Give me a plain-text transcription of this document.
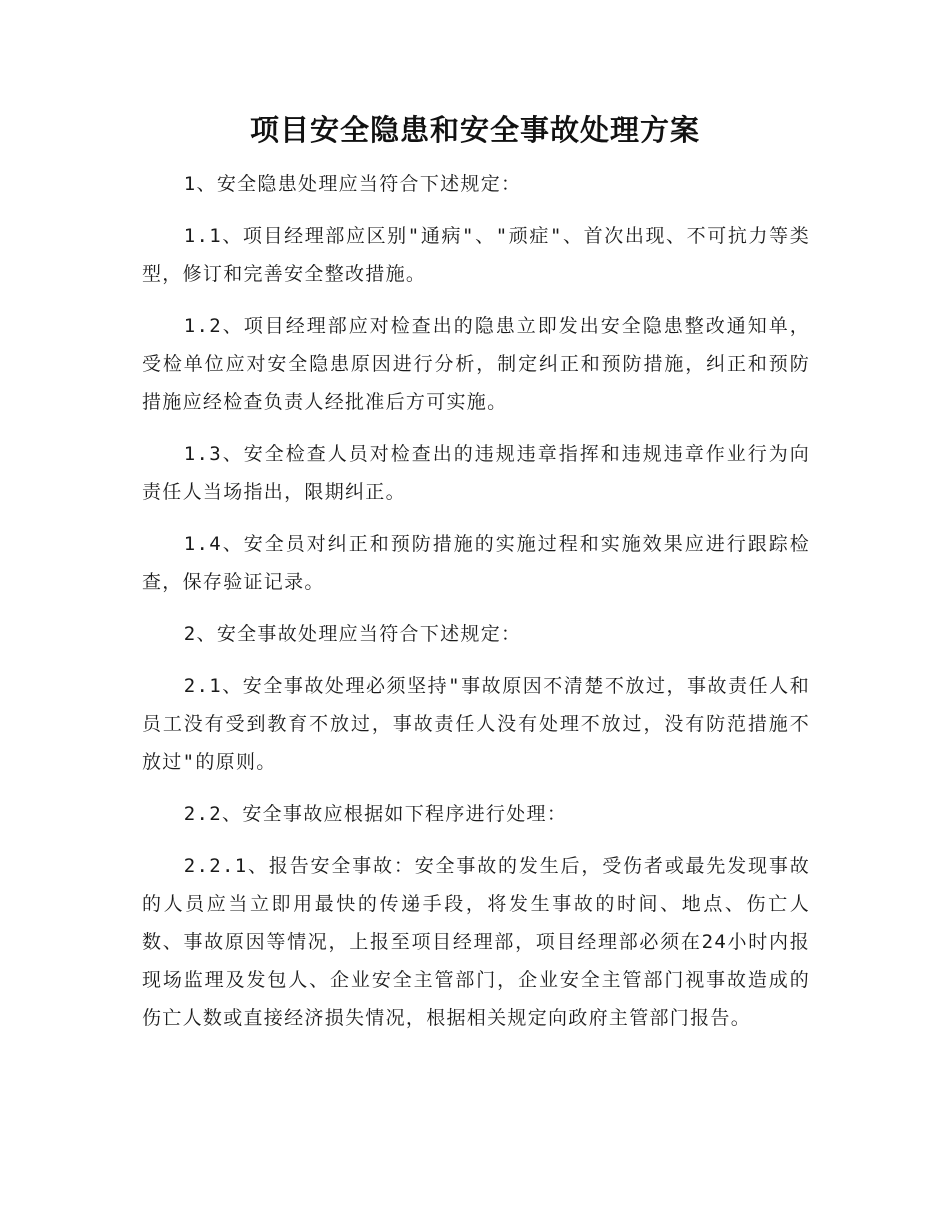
项目安全隐患和安全事故处理方案

1、安全隐患处理应当符合下述规定：

1.1、项目经理部应区别"通病"、"顽症"、首次出现、不可抗力等类型，修订和完善安全整改措施。

1.2、项目经理部应对检查出的隐患立即发出安全隐患整改通知单，受检单位应对安全隐患原因进行分析，制定纠正和预防措施，纠正和预防措施应经检查负责人经批准后方可实施。

1.3、安全检查人员对检查出的违规违章指挥和违规违章作业行为向责任人当场指出，限期纠正。

1.4、安全员对纠正和预防措施的实施过程和实施效果应进行跟踪检查，保存验证记录。

2、安全事故处理应当符合下述规定：

2.1、安全事故处理必须坚持"事故原因不清楚不放过，事故责任人和员工没有受到教育不放过，事故责任人没有处理不放过，没有防范措施不放过"的原则。

2.2、安全事故应根据如下程序进行处理：

2.2.1、报告安全事故：安全事故的发生后，受伤者或最先发现事故的人员应当立即用最快的传递手段，将发生事故的时间、地点、伤亡人数、事故原因等情况，上报至项目经理部，项目经理部必须在24小时内报现场监理及发包人、企业安全主管部门，企业安全主管部门视事故造成的伤亡人数或直接经济损失情况，根据相关规定向政府主管部门报告。
